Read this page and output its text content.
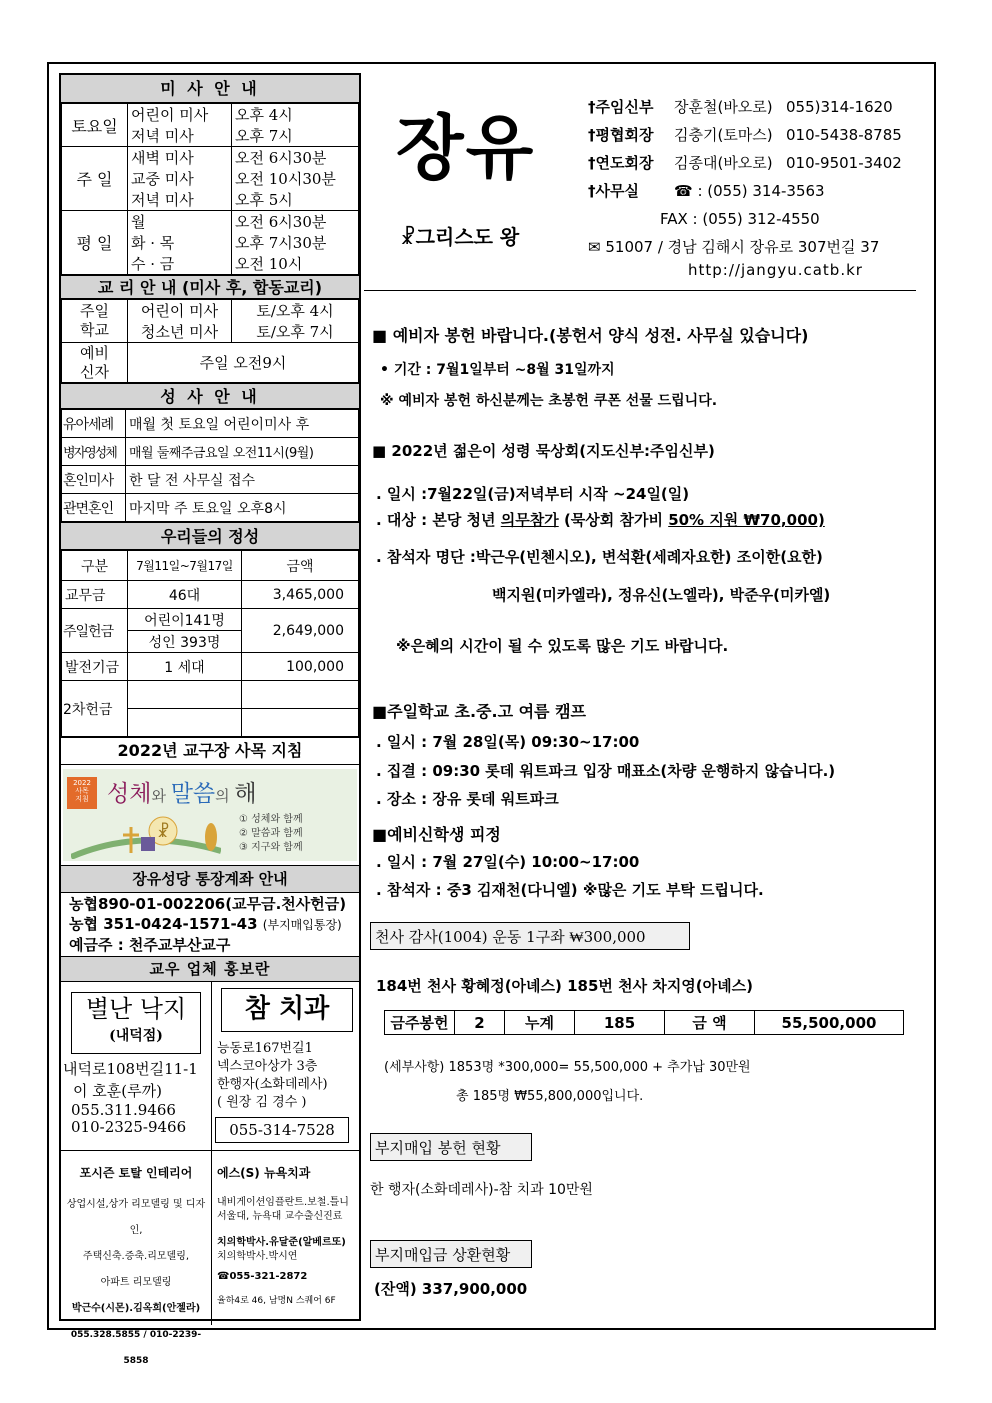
미 사 안 내
토요일	어린이 미사	오후 4시
	저녁 미사	오후 7시
주 일	새벽 미사	오전 6시30분
	교중 미사	오전 10시30분
	저녁 미사	오후 5시
평 일	월	오전 6시30분
	화 · 목	오후 7시30분
	수 · 금	오전 10시
교 리 안 내 (미사 후, 합동교리)
주일
학교	어린이 미사	토/오후 4시
	청소년 미사	토/오후 7시
예비
신자	주일 오전9시	
성 사 안 내
유아세례	매월 첫 토요일 어린이미사 후
병자영성체	매월 둘째주금요일 오전11시(9월)
혼인미사	한 달 전 사무실 접수
관면혼인	마지막 주 토요일 오후8시
우리들의 정성
구분	7월11일~7월17일	금액
교무금	46대	3,465,000
주일헌금	어린이141명	2,649,000
	성인 393명	
발전기금	1 세대	100,000
2차헌금		

2022년 교구장 사목 지침
2022
사목
지침 성체와 말씀의 해
☧
① 성체와 함께
② 말씀과 함께
③ 지구와 함께
장유성당 통장계좌 안내
농협890-01-002206(교무금.천사헌금)
농협 351-0424-1571-43 (부지매입통장)
예금주 : 천주교부산교구
교우 업체 홍보란
별난 낙지
(내덕점)
내덕로108번길11-1
이 호훈(루까)
055.311.9466
010-2325-9466
참 치과
능동로167번길1
넥스코아상가 3층
한행자(소화데레사)
( 원장 김 경수 )
055-314-7528
포시즌 토탈 인테리어
상업시설,상가 리모델링 및 디자인,
주택신축.증축.리모델링,
아파트 리모델링
박근수(시몬).김옥희(안젤라)
055.328.5855 / 010-2239-5858
에스(S) 뉴욕치과
내비게이션임플란트.보철.틀니
서울대, 뉴욕대 교수출신진료
치의학박사.유달준(알베르또)
치의학박사.박시연
☎055-321-2872
율하4로 46, 남명N 스퀘어 6F
장유
☧그리스도 왕
†주임신부 장훈철(바오로) 055)314-1620
†평협회장 김충기(토마스) 010-5438-8785
†연도회장 김종대(바오로) 010-9501-3402
†사무실 ☎ : (055) 314-3563
FAX : (055) 312-4550
✉ 51007 / 경남 김해시 장유로 307번길 37
http://jangyu.catb.kr
■ 예비자 봉헌 바랍니다.(봉헌서 양식 성전. 사무실 있습니다)
• 기간 : 7월1일부터 ~8월 31일까지
※ 예비자 봉헌 하신분께는 초봉헌 쿠폰 선물 드립니다.
■ 2022년 젊은이 성령 묵상회(지도신부:주임신부)
. 일시 :7월22일(금)저녁부터 시작 ~24일(일)
. 대상 : 본당 청년 의무참가 (묵상회 참가비 50% 지원 ₩70,000)
. 참석자 명단 :박근우(빈첸시오), 변석환(세례자요한) 조이한(요한)
백지원(미카엘라), 정유신(노엘라), 박준우(미카엘)
※은혜의 시간이 될 수 있도록 많은 기도 바랍니다.
■주일학교 초.중.고 여름 캠프
. 일시 : 7월 28일(목) 09:30~17:00
. 집결 : 09:30 롯데 워트파크 입장 매표소(차량 운행하지 않습니다.)
. 장소 : 장유 롯데 워트파크
■예비신학생 피정
. 일시 : 7월 27일(수) 10:00~17:00
. 참석자 : 중3 김재천(다니엘) ※많은 기도 부탁 드립니다.
천사 감사(1004) 운동 1구좌 ₩300,000
184번 천사 황혜정(아녜스) 185번 천사 차지영(아녜스)
금주봉헌	2	누계	185	금 액	55,500,000
(세부사항) 1853명 *300,000= 55,500,000 + 추가납 30만원
총 185명 ₩55,800,000입니다.
부지매입 봉헌 현황
한 행자(소화데레사)-참 치과 10만원
부지매입금 상환현황
(잔액) 337,900,000
